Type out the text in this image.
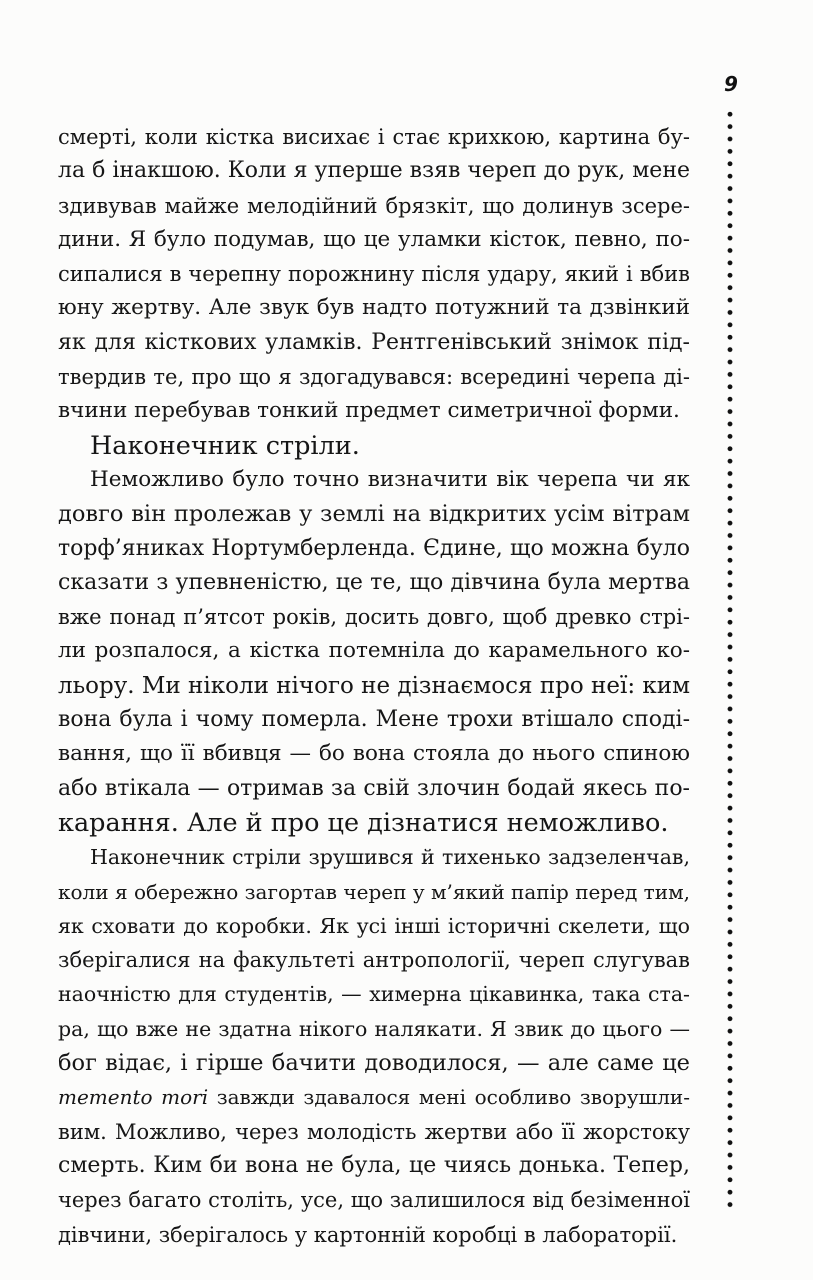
9
смерті, коли кістка висихає і стає крихкою, картина бу-
ла б інакшою. Коли я уперше взяв череп до рук, мене
здивував майже мелодійний брязкіт, що долинув зсере-
дини. Я було подумав, що це уламки кісток, певно, по-
сипалися в черепну порожнину після удару, який і вбив
юну жертву. Але звук був надто потужний та дзвінкий
як для кісткових уламків. Рентгенівський знімок під-
твердив те, про що я здогадувався: всередині черепа ді-
вчини перебував тонкий предмет симетричної форми.
Наконечник стріли.
Неможливо було точно визначити вік черепа чи як
довго він пролежав у землі на відкритих усім вітрам
торф’яниках Нортумберленда. Єдине, що можна було
сказати з упевненістю, це те, що дівчина була мертва
вже понад п’ятсот років, досить довго, щоб древко стрі-
ли розпалося, а кістка потемніла до карамельного ко-
льору. Ми ніколи нічого не дізнаємося про неї: ким
вона була і чому померла. Мене трохи втішало споді-
вання, що її вбивця — бо вона стояла до нього спиною
або втікала — отримав за свій злочин бодай якесь по-
карання. Але й про це дізнатися неможливо.
Наконечник стріли зрушився й тихенько задзеленчав,
коли я обережно загортав череп у м’який папір перед тим,
як сховати до коробки. Як усі інші історичні скелети, що
зберігалися на факультеті антропології, череп слугував
наочністю для студентів, — химерна цікавинка, така ста-
ра, що вже не здатна нікого налякати. Я звик до цього —
бог відає, і гірше бачити доводилося, — але саме це
memento mori завжди здавалося мені особливо зворушли-
вим. Можливо, через молодість жертви або її жорстоку
смерть. Ким би вона не була, це чиясь донька. Тепер,
через багато століть, усе, що залишилося від безіменної
дівчини, зберігалось у картонній коробці в лабораторії.
